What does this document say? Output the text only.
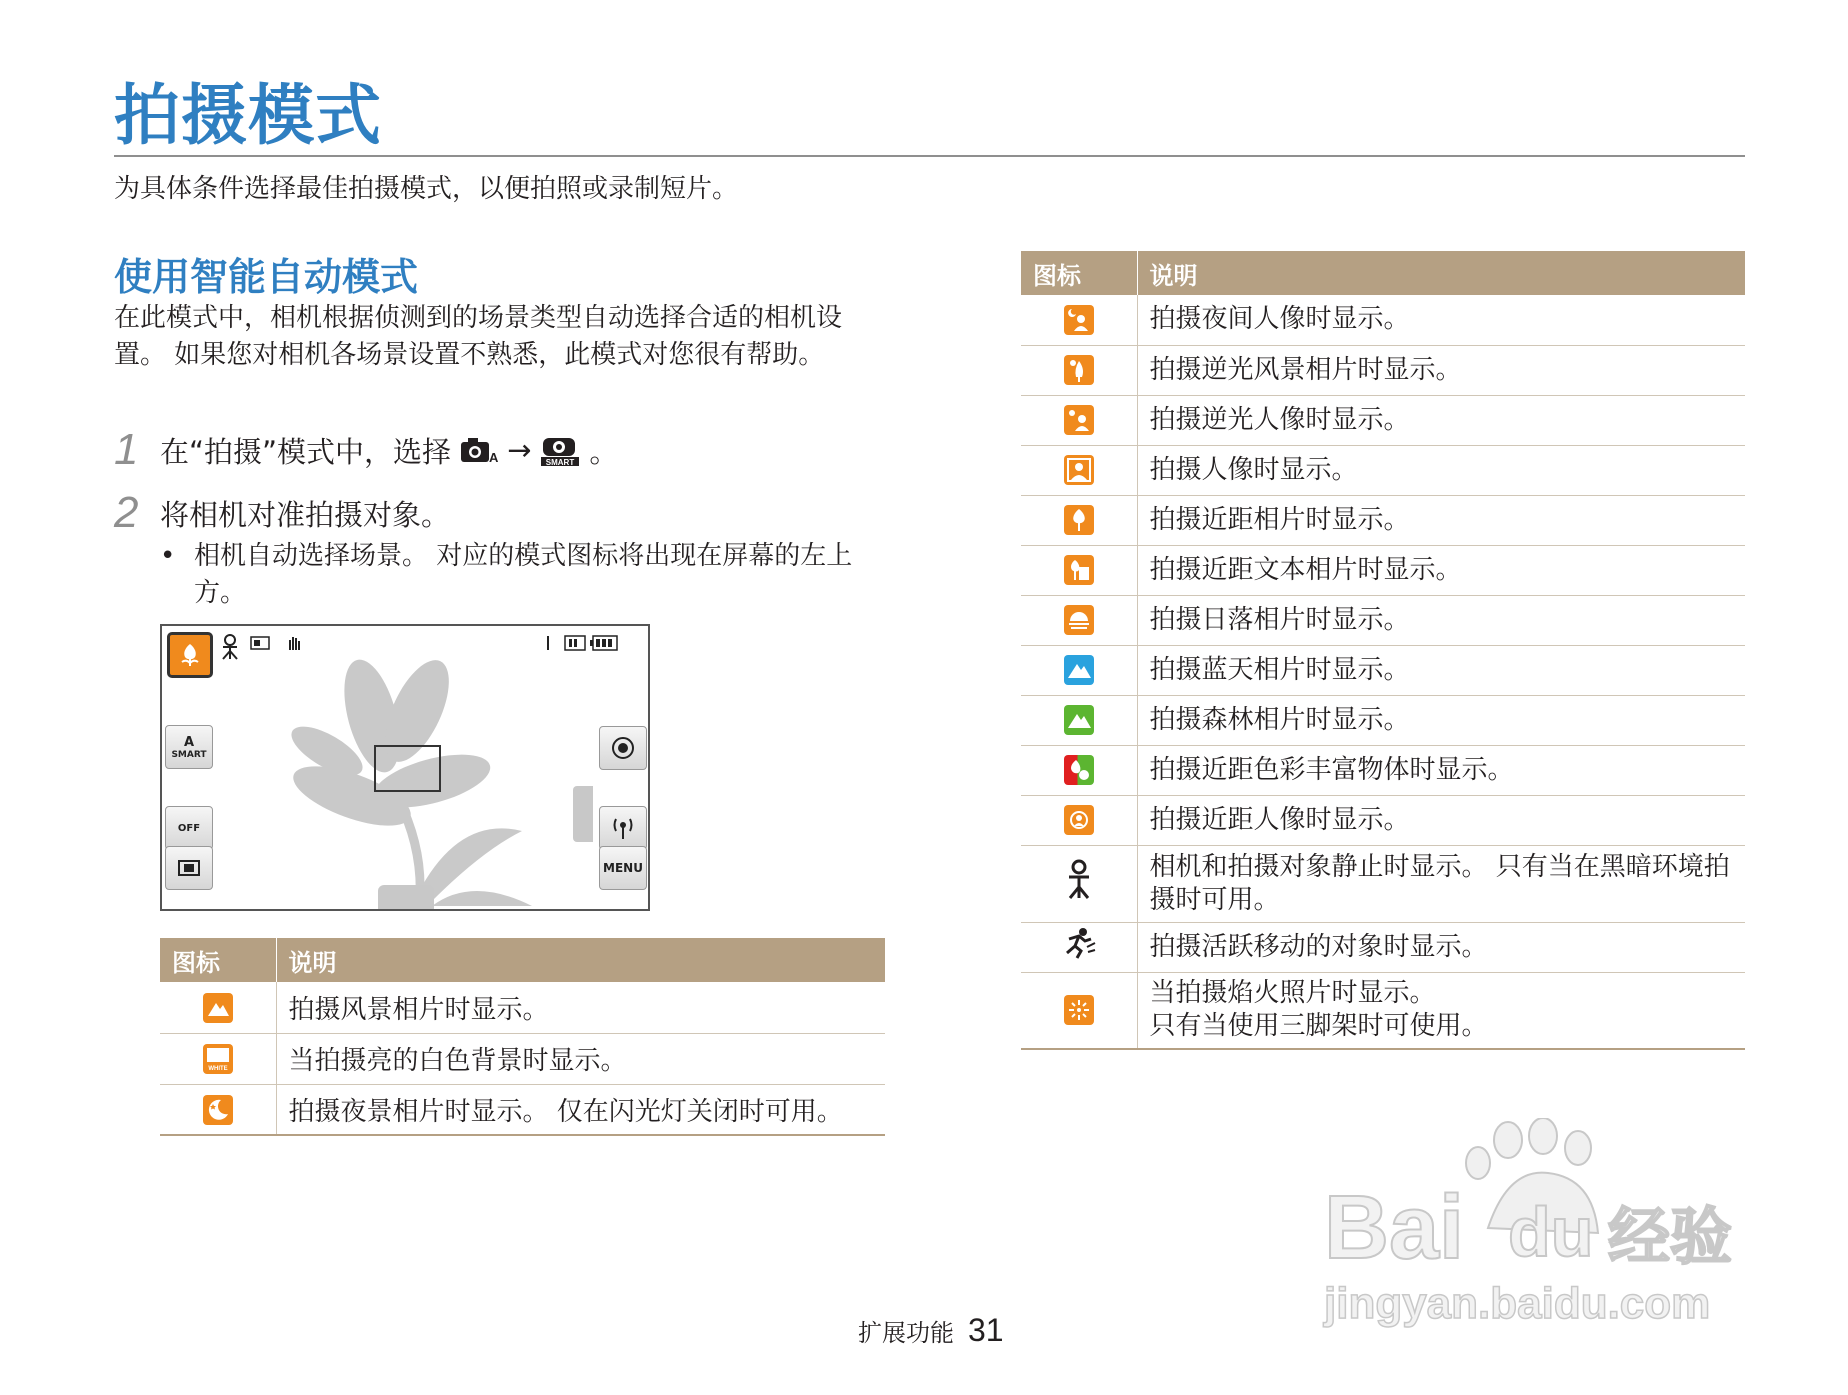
拍摄模式
为具体条件选择最佳拍摄模式，以便拍照或录制短片。
使用智能自动模式
在此模式中，相机根据侦测到的场景类型自动选择合适的相机设置。 如果您对相机各场景设置不熟悉，此模式对您很有帮助。
1 在“拍摄”模式中，选择	A → SMART 。
2 将相机对准拍摄对象。
• 相机自动选择场景。 对应的模式图标将出现在屏幕的左上方。
A
SMART
OFF
MENU
图标	说明

	拍摄风景相片时显示。

WHITE	当拍摄亮的白色背景时显示。

	拍摄夜景相片时显示。 仅在闪光灯关闭时可用。
图标	说明

	拍摄夜间人像时显示。

	拍摄逆光风景相片时显示。

	拍摄逆光人像时显示。

	拍摄人像时显示。

	拍摄近距相片时显示。

	拍摄近距文本相片时显示。

	拍摄日落相片时显示。

	拍摄蓝天相片时显示。

	拍摄森林相片时显示。

	拍摄近距色彩丰富物体时显示。

	拍摄近距人像时显示。
	相机和拍摄对象静止时显示。 只有当在黑暗环境拍摄时可用。
	拍摄活跃移动的对象时显示。

	当拍摄焰火照片时显示。
只有当使用三脚架时可使用。
扩展功能 31
Bai du 经验
jingyan.baidu.com
